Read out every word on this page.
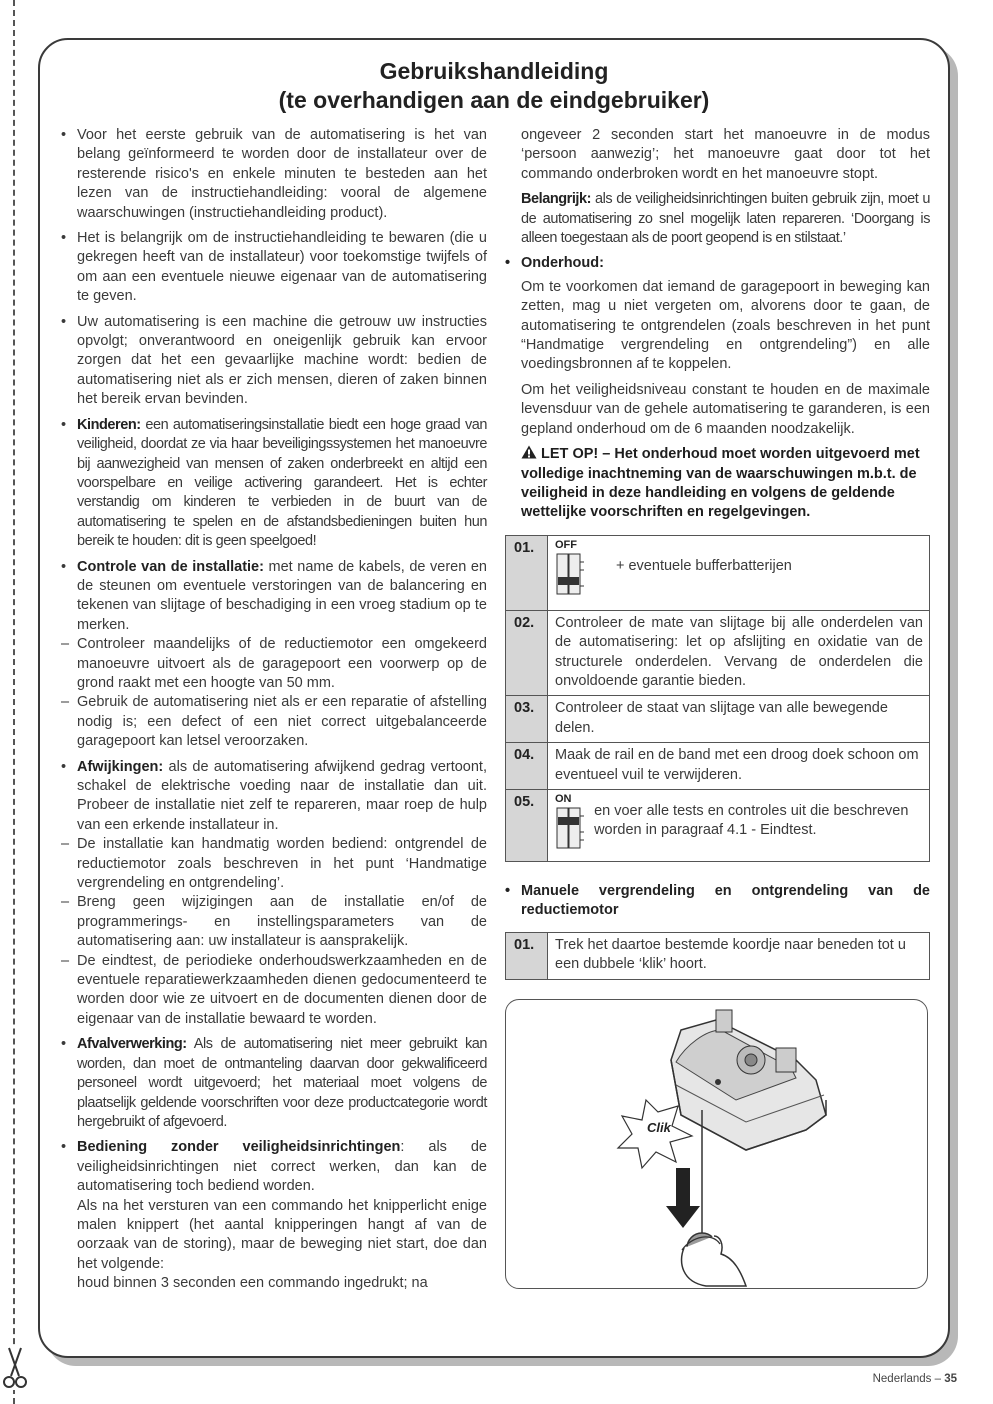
Gebruikshandleiding
(te overhandigen aan de eindgebruiker)

• Voor het eerste gebruik van de automatisering is het van belang geïnformeerd te worden door de installateur over de resterende risico's en enkele minuten te besteden aan het lezen van de instructiehandleiding: vooral de algemene waarschuwingen (instructiehandleiding product).

• Het is belangrijk om de instructiehandleiding te bewaren (die u gekregen heeft van de installateur) voor toekomstige twijfels of om aan een eventuele nieuwe eigenaar van de automatisering te geven.

• Uw automatisering is een machine die getrouw uw instructies opvolgt; onverantwoord en oneigenlijk gebruik kan ervoor zorgen dat het een gevaarlijke machine wordt: bedien de automatisering niet als er zich mensen, dieren of zaken binnen het bereik ervan bevinden.

• Kinderen: een automatiseringsinstallatie biedt een hoge graad van veiligheid, doordat ze via haar beveiligingssystemen het manoeuvre bij aanwezigheid van mensen of zaken onderbreekt en altijd een voorspelbare en veilige activering garandeert. Het is echter verstandig om kinderen te verbieden in de buurt van de automatisering te spelen en de afstandsbedieningen buiten hun bereik te houden: dit is geen speelgoed!

• Controle van de installatie: met name de kabels, de veren en de steunen om eventuele verstoringen van de balancering en tekenen van slijtage of beschadiging in een vroeg stadium op te merken.

– Controleer maandelijks of de reductiemotor een omgekeerd manoeuvre uitvoert als de garagepoort een voorwerp op de grond raakt met een hoogte van 50 mm.

– Gebruik de automatisering niet als er een reparatie of afstelling nodig is; een defect of een niet correct uitgebalanceerde garagepoort kan letsel veroorzaken.

• Afwijkingen: als de automatisering afwijkend gedrag vertoont, schakel de elektrische voeding naar de installatie dan uit. Probeer de installatie niet zelf te repareren, maar roep de hulp van een erkende installateur in.

– De installatie kan handmatig worden bediend: ontgrendel de reductiemotor zoals beschreven in het punt ‘Handmatige vergrendeling en ontgrendeling’.

– Breng geen wijzigingen aan de installatie en/of de programmerings- en instellingsparameters van de automatisering aan: uw installateur is aansprakelijk.

– De eindtest, de periodieke onderhoudswerkzaamheden en de eventuele reparatiewerkzaamheden dienen gedocumenteerd te worden door wie ze uitvoert en de documenten dienen door de eigenaar van de installatie bewaard te worden.

• Afvalverwerking: Als de automatisering niet meer gebruikt kan worden, dan moet de ontmanteling daarvan door gekwalificeerd personeel wordt uitgevoerd; het materiaal moet volgens de plaatselijk geldende voorschriften voor deze productcategorie wordt hergebruikt of afgevoerd.

• Bediening zonder veiligheidsinrichtingen: als de veiligheidsinrichtingen niet correct werken, dan kan de automatisering toch bediend worden.

Als na het versturen van een commando het knipperlicht enige malen knippert (het aantal knipperingen hangt af van de oorzaak van de storing), maar de beweging niet start, doe dan het volgende:

houd binnen 3 seconden een commando ingedrukt; na

ongeveer 2 seconden start het manoeuvre in de modus ‘persoon aanwezig’; het manoeuvre gaat door tot het commando onderbroken wordt en het manoeuvre stopt.

Belangrijk: als de veiligheidsinrichtingen buiten gebruik zijn, moet u de automatisering zo snel mogelijk laten repareren. ‘Doorgang is alleen toegestaan als de poort geopend is en stilstaat.’

• Onderhoud:

Om te voorkomen dat iemand de garagepoort in beweging kan zetten, mag u niet vergeten om, alvorens door te gaan, de automatisering te ontgrendelen (zoals beschreven in het punt “Handmatige vergrendeling en ontgrendeling”) en alle voedingsbronnen af te koppelen.

Om het veiligheidsniveau constant te houden en de maximale levensduur van de gehele automatisering te garanderen, is een gepland onderhoud om de 6 maanden noodzakelijk.

LET OP! – Het onderhoud moet worden uitgevoerd met volledige inachtneming van de waarschuwingen m.b.t. de veiligheid in deze handleiding en volgens de geldende wettelijke voorschriften en regelgevingen.

01.	OFF
+ eventuele bufferbatterijen

02.	Controleer de mate van slijtage bij alle onderdelen van de automatisering: let op afslijting en oxidatie van de structurele onderdelen. Vervang de onderdelen die onvoldoende garantie bieden.
03.	Controleer de staat van slijtage van alle bewegende delen.
04.	Maak de rail en de band met een droog doek schoon om eventueel vuil te verwijderen.
05.	ON
en voer alle tests en controles uit die beschreven worden in paragraaf 4.1 - Eindtest.

• Manuele vergrendeling en ontgrendeling van de reductiemotor

01.	Trek het daartoe bestemde koordje naar beneden tot u een dubbele ‘klik’ hoort.
Clik
Nederlands – 35
